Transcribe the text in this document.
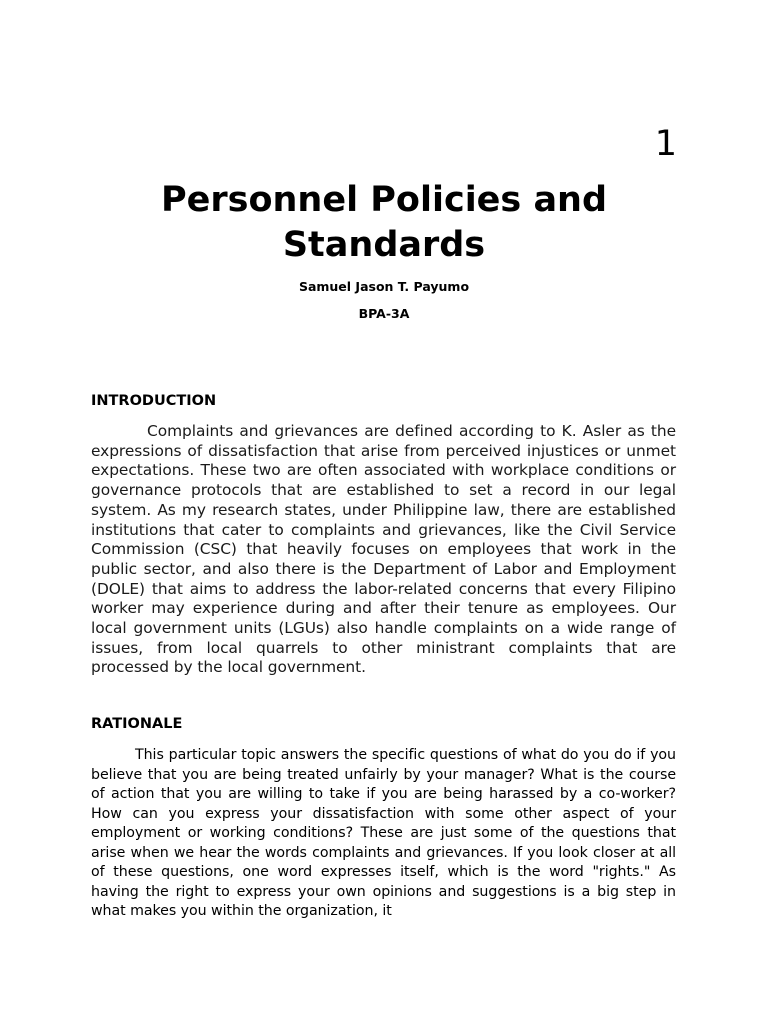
1
Personnel Policies and Standards
Samuel Jason T. Payumo
BPA-3A
INTRODUCTION

Complaints and grievances are defined according to K. Asler as the expressions of dissatisfaction that arise from perceived injustices or unmet expectations. These two are often associated with workplace conditions or governance protocols that are established to set a record in our legal system. As my research states, under Philippine law, there are established institutions that cater to complaints and grievances, like the Civil Service Commission (CSC) that heavily focuses on employees that work in the public sector, and also there is the Department of Labor and Employment (DOLE) that aims to address the labor-related concerns that every Filipino worker may experience during and after their tenure as employees. Our local government units (LGUs) also handle complaints on a wide range of issues, from local quarrels to other ministrant complaints that are processed by the local government.

RATIONALE

This particular topic answers the specific questions of what do you do if you believe that you are being treated unfairly by your manager? What is the course of action that you are willing to take if you are being harassed by a co-worker? How can you express your dissatisfaction with some other aspect of your employment or working conditions? These are just some of the questions that arise when we hear the words complaints and grievances. If you look closer at all of these questions, one word expresses itself, which is the word "rights." As having the right to express your own opinions and suggestions is a big step in what makes you within the organization, it
